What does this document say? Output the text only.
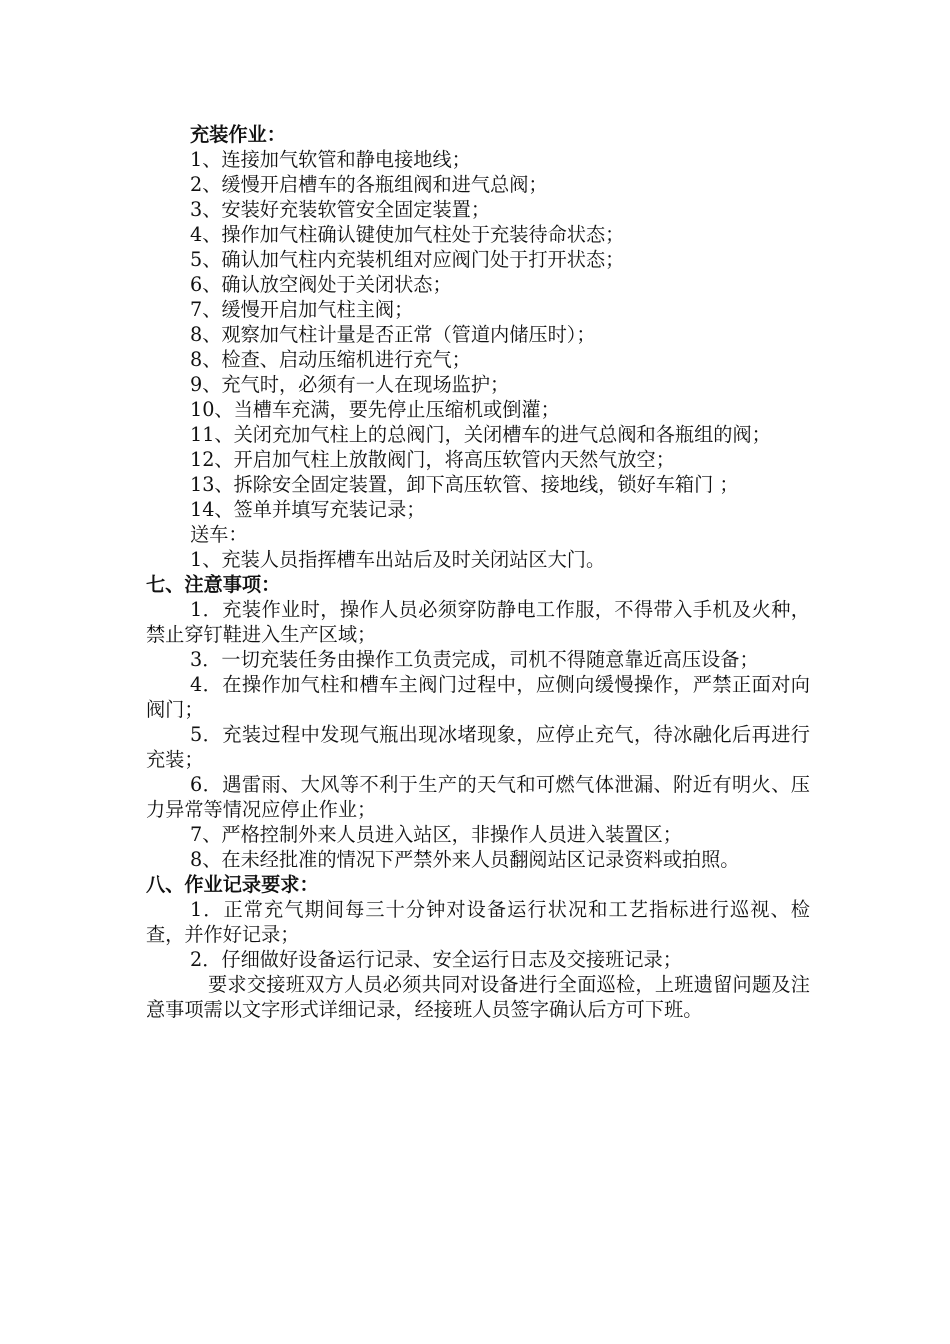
充装作业：
1、连接加气软管和静电接地线；
2、缓慢开启槽车的各瓶组阀和进气总阀；
3、安装好充装软管安全固定装置；
4、操作加气柱确认键使加气柱处于充装待命状态；
5、确认加气柱内充装机组对应阀门处于打开状态；
6、确认放空阀处于关闭状态；
7、缓慢开启加气柱主阀；
8、观察加气柱计量是否正常（管道内储压时）；
8、检查、启动压缩机进行充气；
9、充气时，必须有一人在现场监护；
10、当槽车充满，要先停止压缩机或倒灌；
11、关闭充加气柱上的总阀门，关闭槽车的进气总阀和各瓶组的阀；
12、开启加气柱上放散阀门，将高压软管内天然气放空；
13、拆除安全固定装置，卸下高压软管、接地线，锁好车箱门 ；
14、签单并填写充装记录；
送车：
1、充装人员指挥槽车出站后及时关闭站区大门。
七、注意事项：
1．充装作业时，操作人员必须穿防静电工作服，不得带入手机及火种，禁止穿钉鞋进入生产区域；
3．一切充装任务由操作工负责完成，司机不得随意靠近高压设备；
4．在操作加气柱和槽车主阀门过程中，应侧向缓慢操作，严禁正面对向阀门；
5．充装过程中发现气瓶出现冰堵现象，应停止充气，待冰融化后再进行充装；
6．遇雷雨、大风等不利于生产的天气和可燃气体泄漏、附近有明火、压力异常等情况应停止作业；
7、严格控制外来人员进入站区，非操作人员进入装置区；
8、在未经批准的情况下严禁外来人员翻阅站区记录资料或拍照。
八、作业记录要求：
1．正常充气期间每三十分钟对设备运行状况和工艺指标进行巡视、检查，并作好记录；
2．仔细做好设备运行记录、安全运行日志及交接班记录；
要求交接班双方人员必须共同对设备进行全面巡检，上班遗留问题及注意事项需以文字形式详细记录，经接班人员签字确认后方可下班。
